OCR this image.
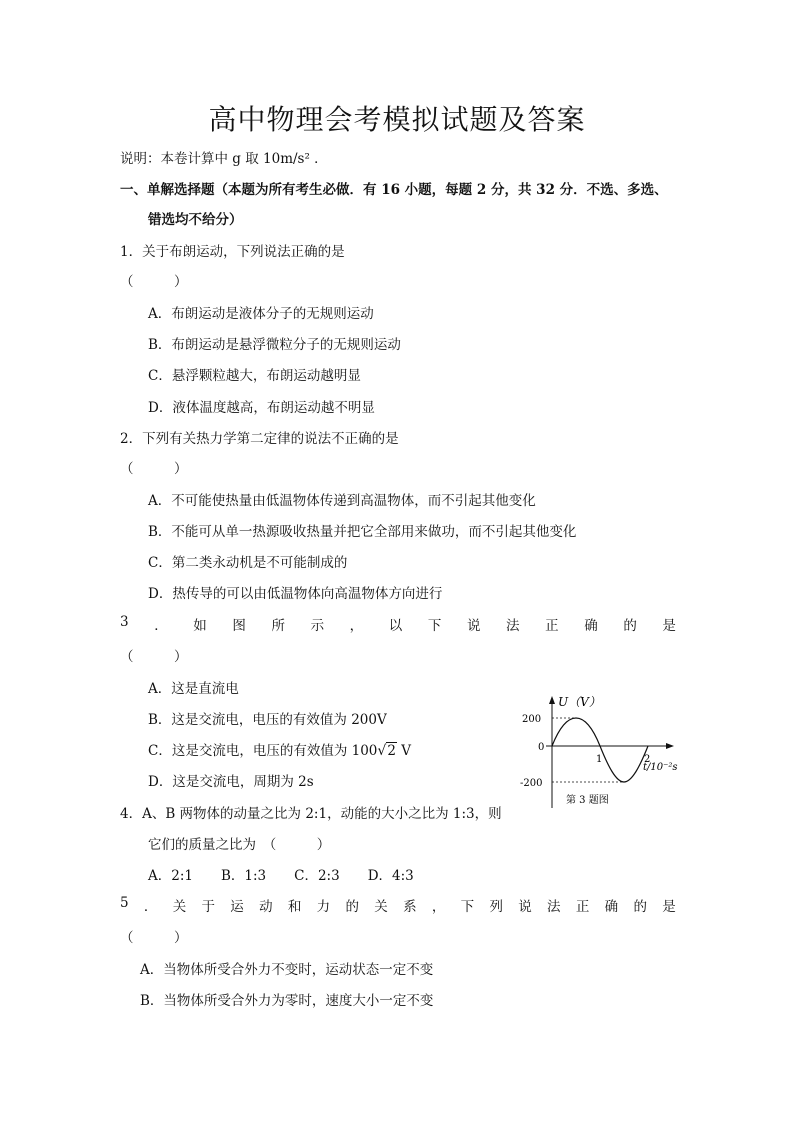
高中物理会考模拟试题及答案
说明：本卷计算中 g 取 10m/s² ．
一、单解选择题（本题为所有考生必做．有 16 小题，每题 2 分，共 32 分．不选、多选、
错选均不给分）
1．关于布朗运动，下列说法正确的是
（　　　）
A．布朗运动是液体分子的无规则运动
B．布朗运动是悬浮微粒分子的无规则运动
C．悬浮颗粒越大，布朗运动越明显
D．液体温度越高，布朗运动越不明显
2．下列有关热力学第二定律的说法不正确的是
（　　　）
A．不可能使热量由低温物体传递到高温物体，而不引起其他变化
B．不能可从单一热源吸收热量并把它全部用来做功，而不引起其他变化
C．第二类永动机是不可能制成的
D．热传导的可以由低温物体向高温物体方向进行
3 ． 如 图 所 示 ， 以 下 说 法 正 确 的 是
（　　　）
A．这是直流电
B．这是交流电，电压的有效值为 200V
C．这是交流电，电压的有效值为 100√2 V
D．这是交流电，周期为 2s
U（V）
200
0
-200
1	2
t/10⁻²s
第 3 题图
4．A、B 两物体的动量之比为 2:1，动能的大小之比为 1:3，则
它们的质量之比为　（　　　）
A．2:1 B．1:3 C．2:3 D．4:3
5 ． 关 于 运 动 和 力 的 关 系 ， 下 列 说 法 正 确 的 是
（　　　）
A．当物体所受合外力不变时，运动状态一定不变
B．当物体所受合外力为零时，速度大小一定不变
